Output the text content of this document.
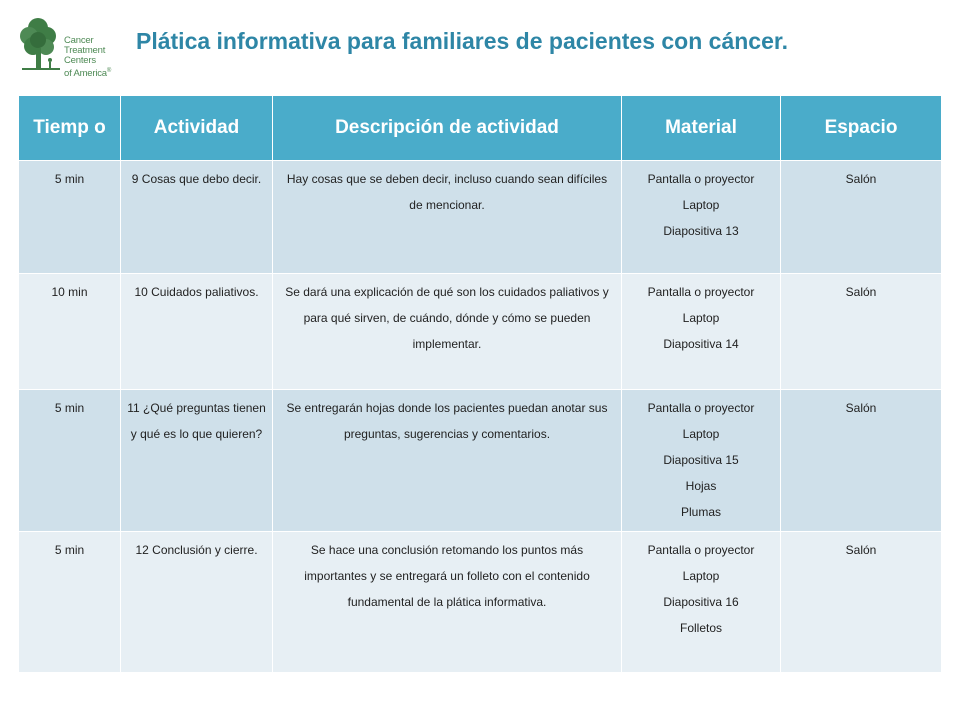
Cancer
Treatment
Centers
of America®
Plática informativa para familiares de pacientes con cáncer.
Tiemp o	Actividad	Descripción de actividad	Material	Espacio
5 min	9 Cosas que debo decir.	Hay cosas que se deben decir, incluso cuando sean difíciles de mencionar.	Pantalla o proyector
Laptop
Diapositiva 13	Salón
10 min	10 Cuidados paliativos.	Se dará una explicación de qué son los cuidados paliativos y para qué sirven, de cuándo, dónde y cómo se pueden implementar.	Pantalla o proyector
Laptop
Diapositiva 14	Salón
5 min	11 ¿Qué preguntas tienen y qué es lo que quieren?	Se entregarán hojas donde los pacientes puedan anotar sus preguntas, sugerencias y comentarios.	Pantalla o proyector
Laptop
Diapositiva 15
Hojas
Plumas	Salón
5 min	12 Conclusión y cierre.	Se hace una conclusión retomando los puntos más importantes y se entregará un folleto con el contenido fundamental de la plática informativa.	Pantalla o proyector
Laptop
Diapositiva 16
Folletos	Salón
